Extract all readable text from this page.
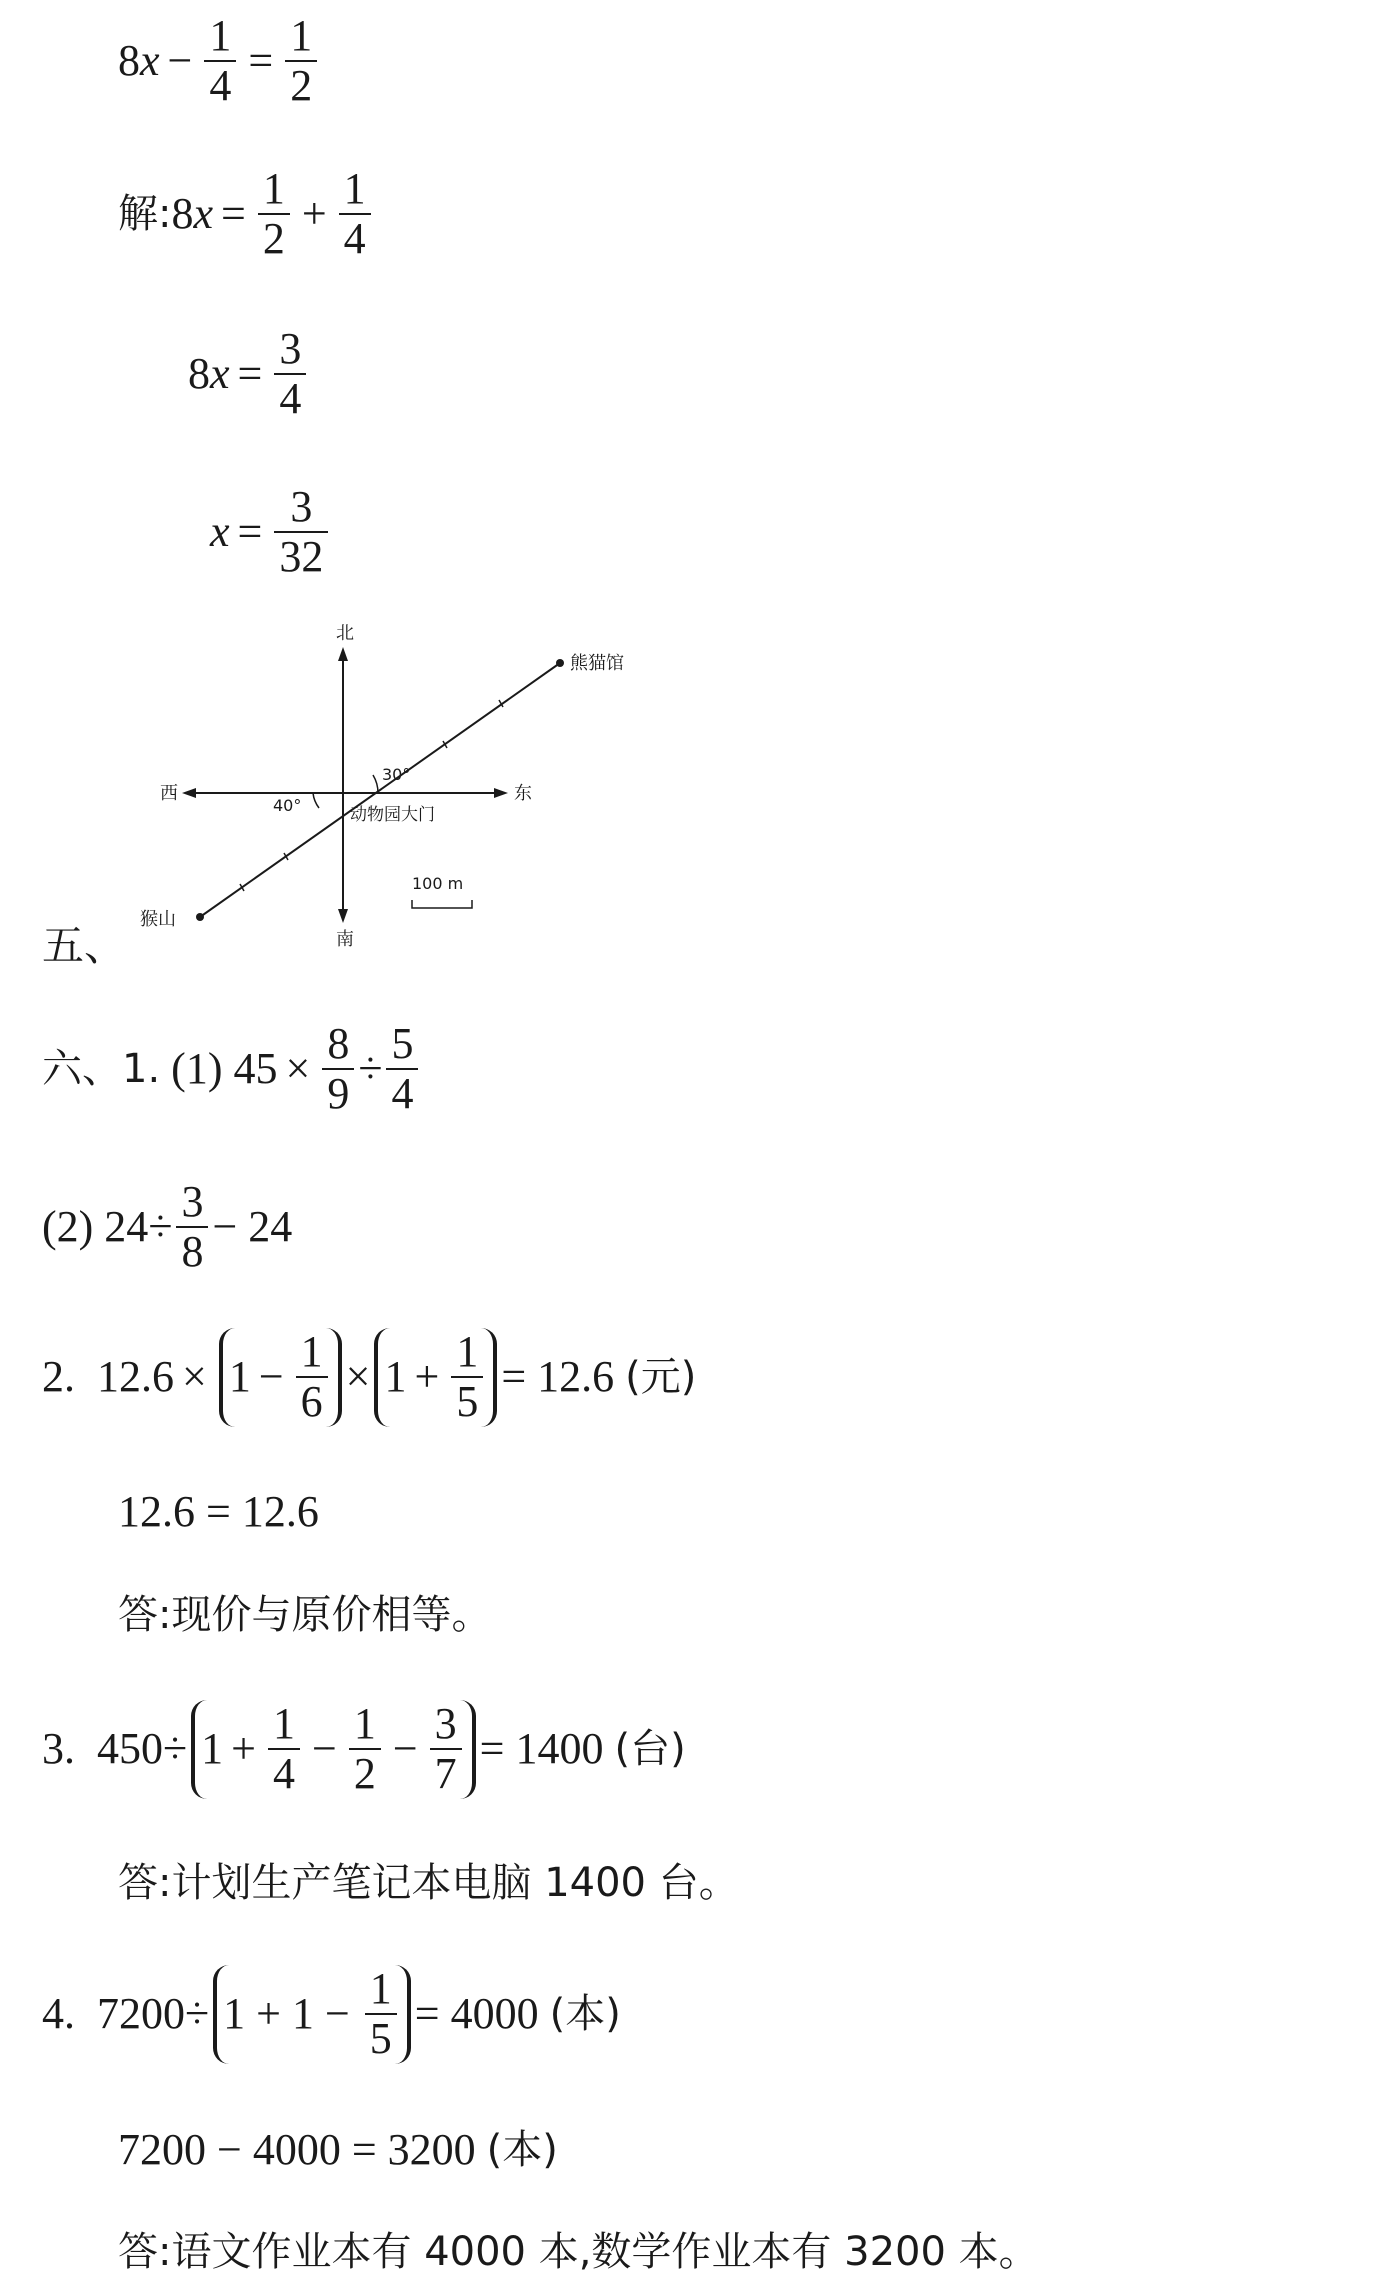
8 $x - \frac{1}{4} = \frac{1}{2}$
解: 8 $x = \frac{1}{2} + \frac{1}{4}$
8 $x = \frac{3}{4}$
$x = \frac{3}{32}$
五、
北
南
西	东
熊猫馆
猴山
动物园大门
30°
40°
100 m
六、1.
(1) $45 \times \frac{8}{9} \div \frac{5}{4}$
(2) $24 \div \frac{3}{8} - 24$
2.
$12.6 \times 1 - \frac{1}{6} \times 1 + \frac{1}{5} = 12.6$
(元)
12.6 = 12.6
答:现价与原价相等。
3.
$450 \div 1 + \frac{1}{4} - \frac{1}{2} - \frac{3}{7} = 1400$
(台)
答:计划生产笔记本电脑 1400 台。
4.
7200 ÷ 1 + 1 −
$\frac{1}{5} = 4000$
(本)
7200 − 4000 = 3200
(本)
答:语文作业本有 4000 本,数学作业本有 3200 本。
